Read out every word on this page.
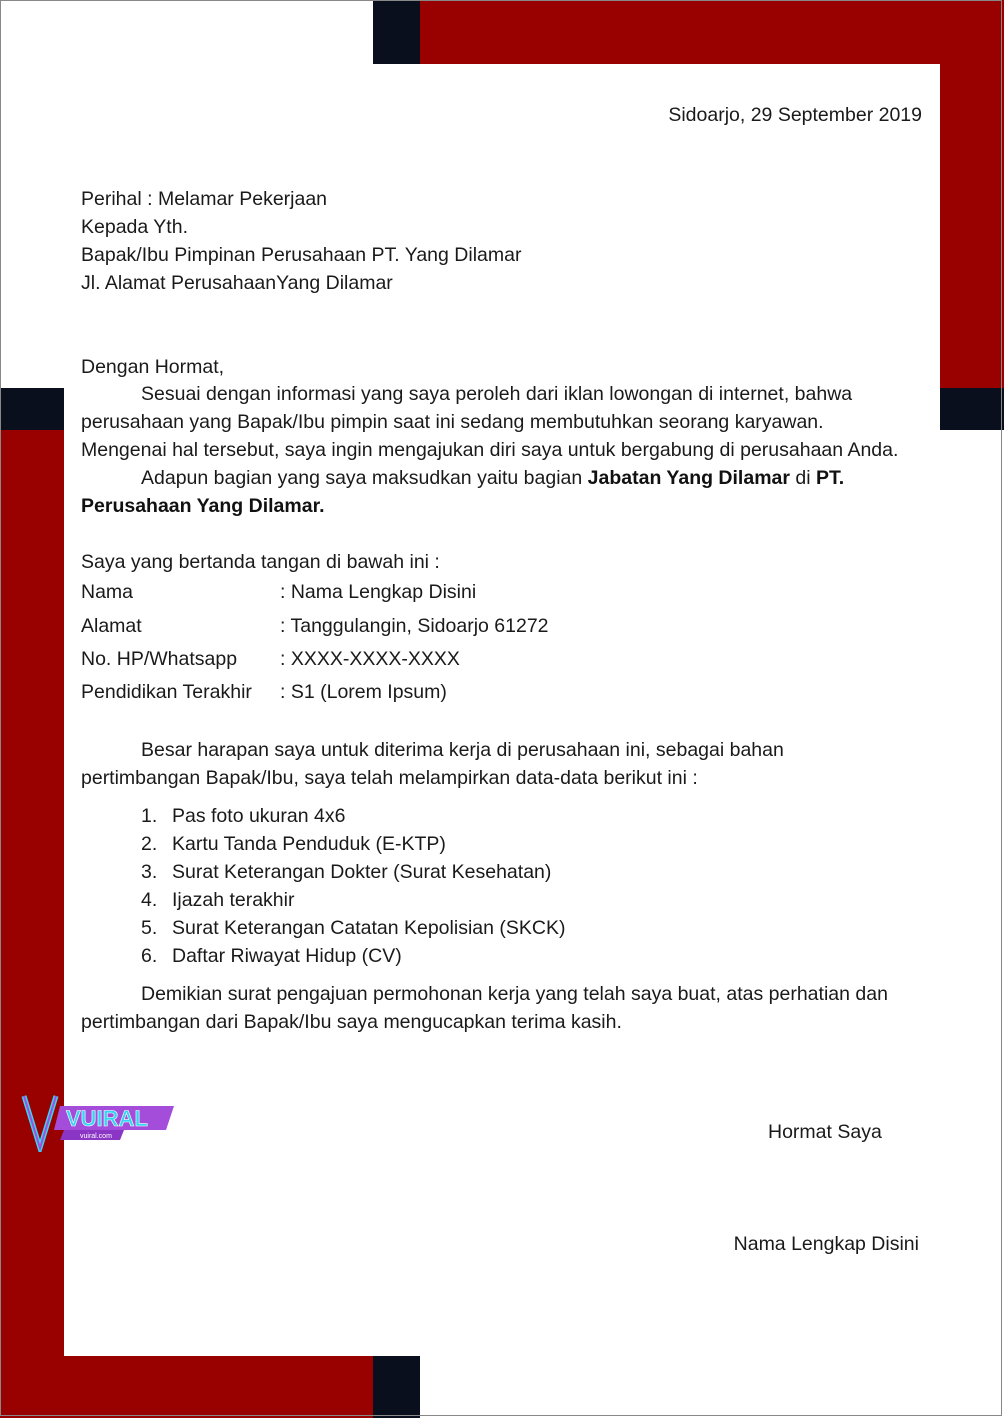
Sidoarjo, 29 September 2019
Perihal : Melamar Pekerjaan
Kepada Yth.
Bapak/Ibu Pimpinan Perusahaan PT. Yang Dilamar
Jl. Alamat PerusahaanYang Dilamar
Dengan Hormat,
Sesuai dengan informasi yang saya peroleh dari iklan lowongan di internet, bahwa
perusahaan yang Bapak/Ibu pimpin saat ini sedang membutuhkan seorang karyawan.
Mengenai hal tersebut, saya ingin mengajukan diri saya untuk bergabung di perusahaan Anda.
Adapun bagian yang saya maksudkan yaitu bagian Jabatan Yang Dilamar di PT.
Perusahaan Yang Dilamar.
Saya yang bertanda tangan di bawah ini :
Nama	: Nama Lengkap Disini
Alamat	: Tanggulangin, Sidoarjo 61272
No. HP/Whatsapp : XXXX-XXXX-XXXX
Pendidikan Terakhir : S1 (Lorem Ipsum)
Besar harapan saya untuk diterima kerja di perusahaan ini, sebagai bahan
pertimbangan Bapak/Ibu, saya telah melampirkan data-data berikut ini :
1. Pas foto ukuran 4x6
2. Kartu Tanda Penduduk (E-KTP)
3. Surat Keterangan Dokter (Surat Kesehatan)
4. Ijazah terakhir
5. Surat Keterangan Catatan Kepolisian (SKCK)
6. Daftar Riwayat Hidup (CV)
Demikian surat pengajuan permohonan kerja yang telah saya buat, atas perhatian dan
pertimbangan dari Bapak/Ibu saya mengucapkan terima kasih.
Hormat Saya
Nama Lengkap Disini
VUIRAL
vuiral.com
